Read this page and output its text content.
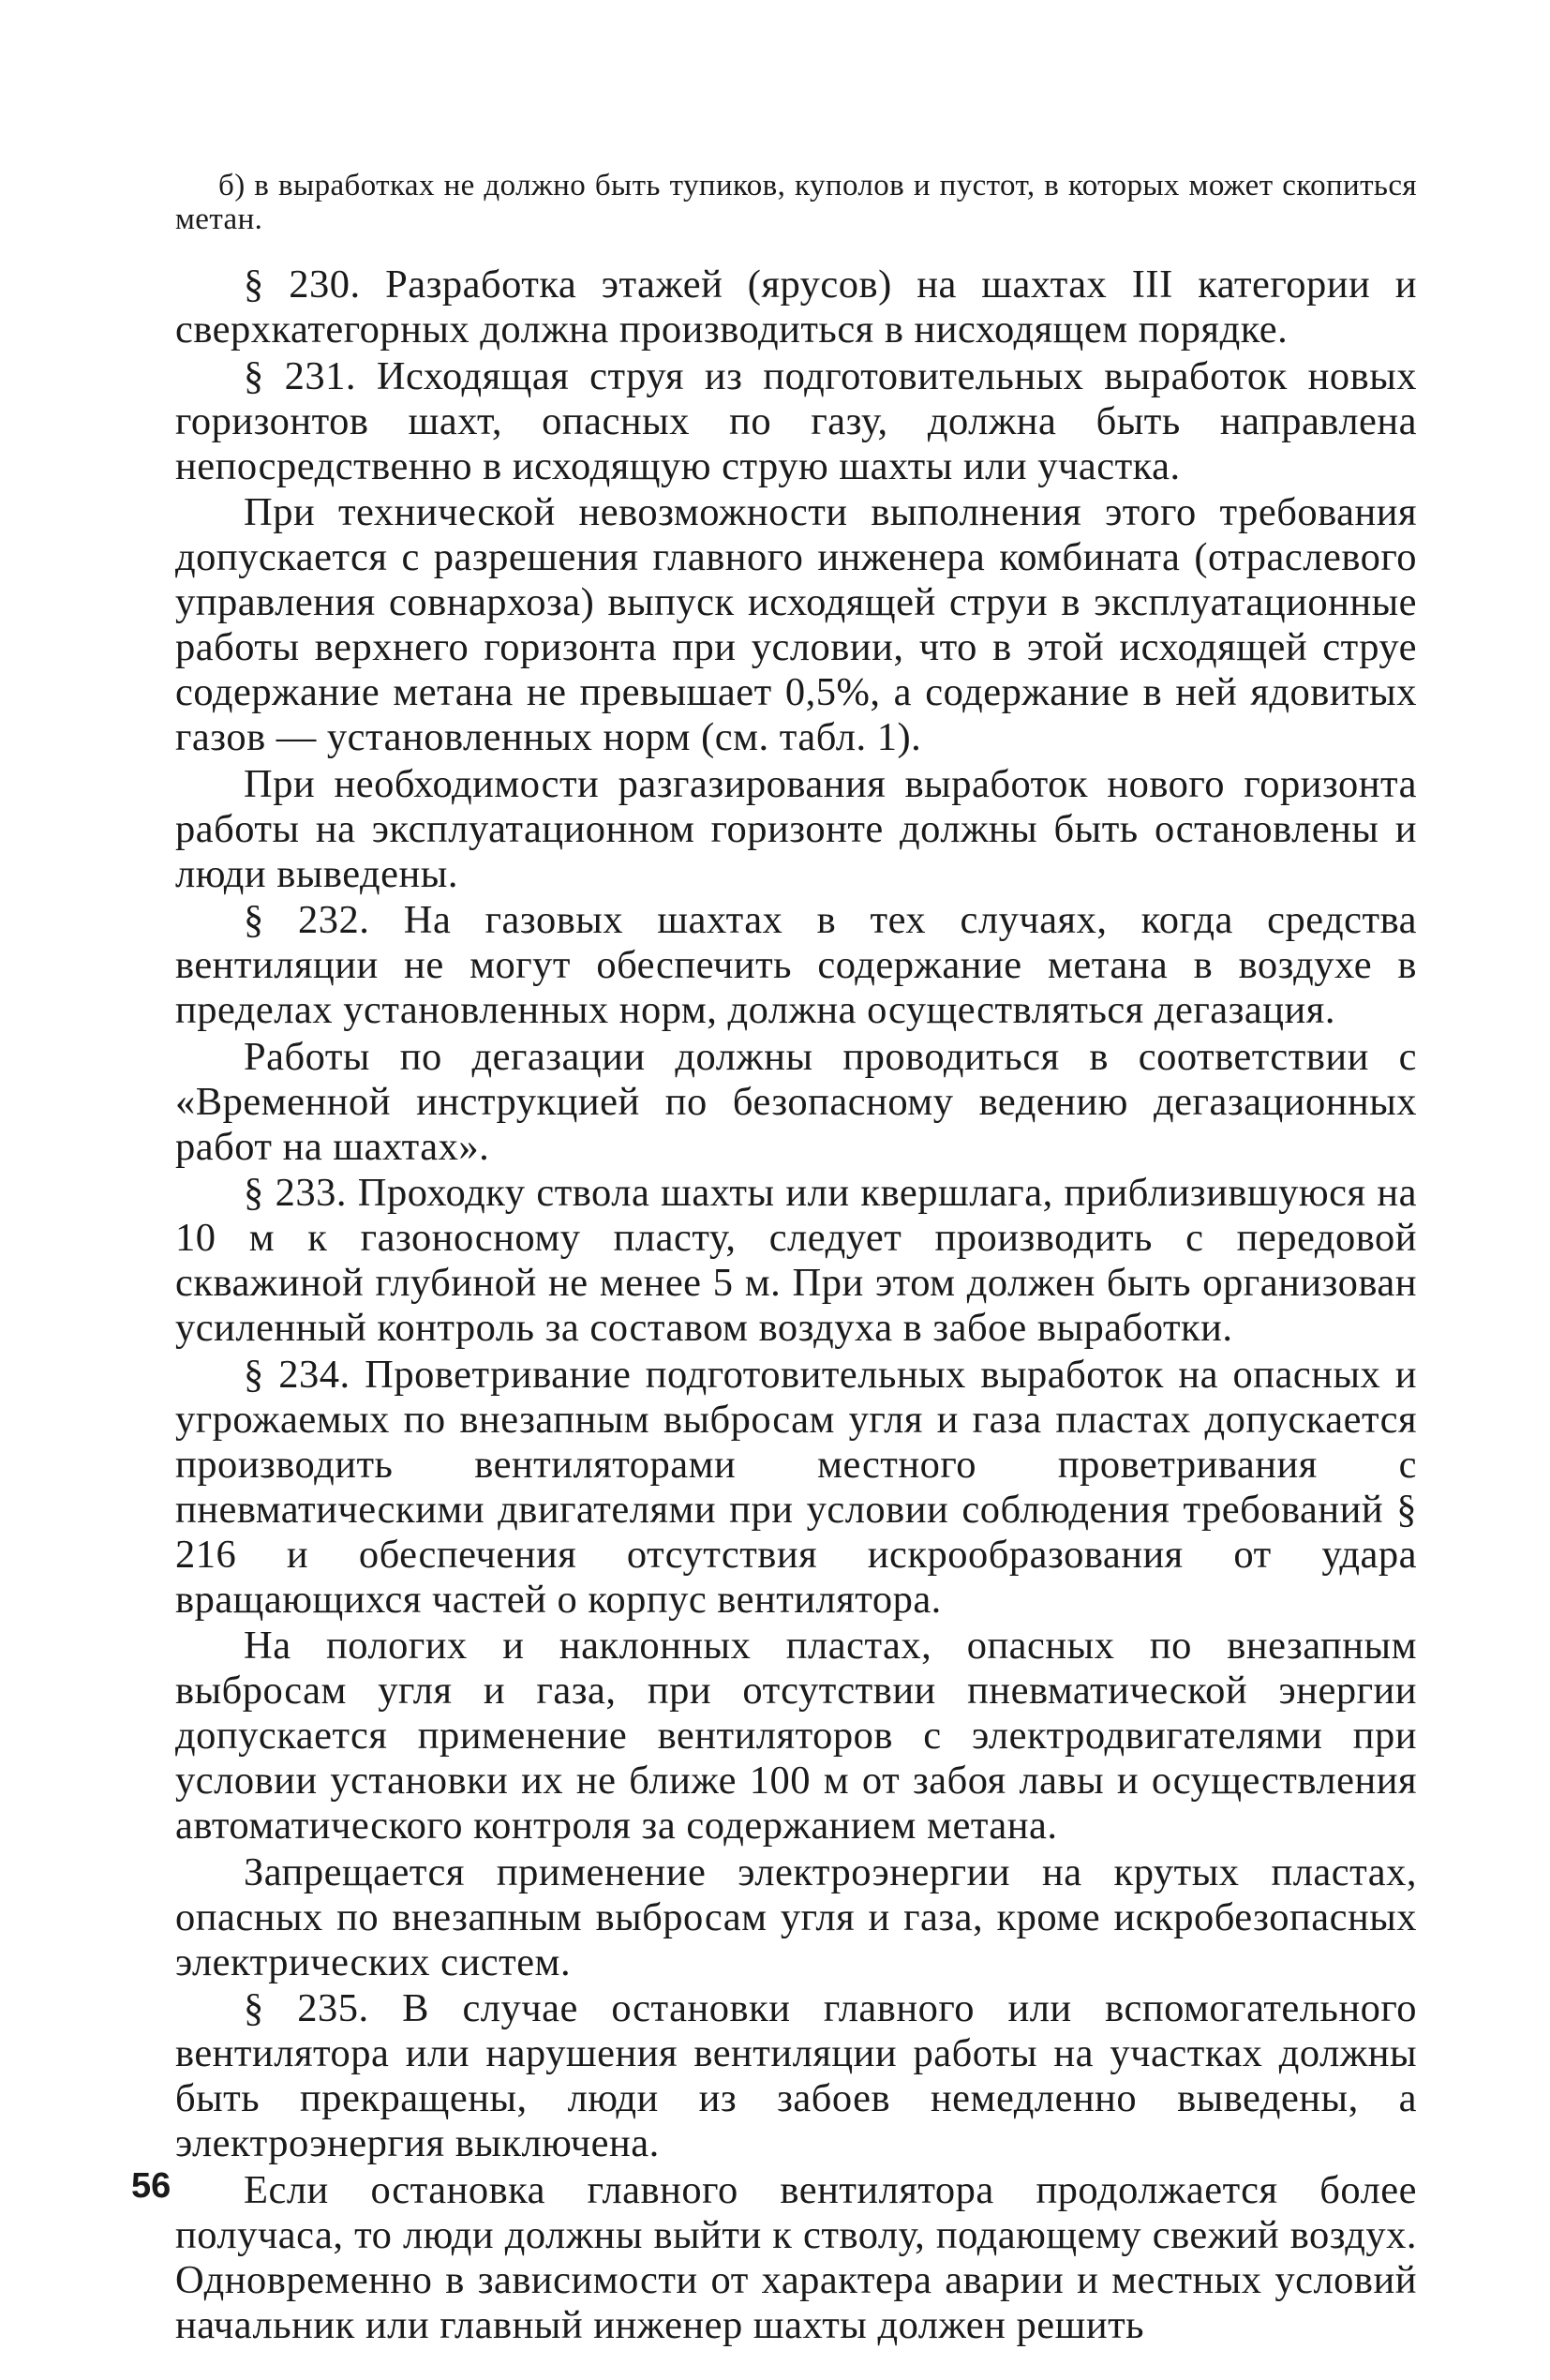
б) в выработках не должно быть тупиков, куполов и пустот, в которых может скопиться метан.

§ 230. Разработка этажей (ярусов) на шахтах III категории и сверхкатегорных должна производиться в нисходящем порядке.

§ 231. Исходящая струя из подготовительных выработок новых горизонтов шахт, опасных по газу, должна быть направлена непосредственно в исходящую струю шахты или участка.

При технической невозможности выполнения этого требования допускается с разрешения главного инженера комбината (отраслевого управления совнархоза) выпуск исходящей струи в эксплуатационные работы верхнего горизонта при условии, что в этой исходящей струе содержание метана не превышает 0,5%, а содержание в ней ядовитых газов — установленных норм (см. табл. 1).

При необходимости разгазирования выработок нового горизонта работы на эксплуатационном горизонте должны быть остановлены и люди выведены.

§ 232. На газовых шахтах в тех случаях, когда средства вентиляции не могут обеспечить содержание метана в воздухе в пределах установленных норм, должна осуществляться дегазация.

Работы по дегазации должны проводиться в соответствии с «Временной инструкцией по безопасному ведению дегазационных работ на шахтах».

§ 233. Проходку ствола шахты или квершлага, приблизившуюся на 10 м к газоносному пласту, следует производить с передовой скважиной глубиной не менее 5 м. При этом должен быть организован усиленный контроль за составом воздуха в забое выработки.

§ 234. Проветривание подготовительных выработок на опасных и угрожаемых по внезапным выбросам угля и газа пластах допускается производить вентиляторами местного проветривания с пневматическими двигателями при условии соблюдения требований § 216 и обеспечения отсутствия искрообразования от удара вращающихся частей о корпус вентилятора.

На пологих и наклонных пластах, опасных по внезапным выбросам угля и газа, при отсутствии пневматической энергии допускается применение вентиляторов с электродвигателями при условии установки их не ближе 100 м от забоя лавы и осуществления автоматического контроля за содержанием метана.

Запрещается применение электроэнергии на крутых пластах, опасных по внезапным выбросам угля и газа, кроме искробезопасных электрических систем.

§ 235. В случае остановки главного или вспомогательного вентилятора или нарушения вентиляции работы на участках должны быть прекращены, люди из забоев немедленно выведены, а электроэнергия выключена.

Если остановка главного вентилятора продолжается более получаса, то люди должны выйти к стволу, подающему свежий воздух. Одновременно в зависимости от характера аварии и местных условий начальник или главный инженер шахты должен решить

56
